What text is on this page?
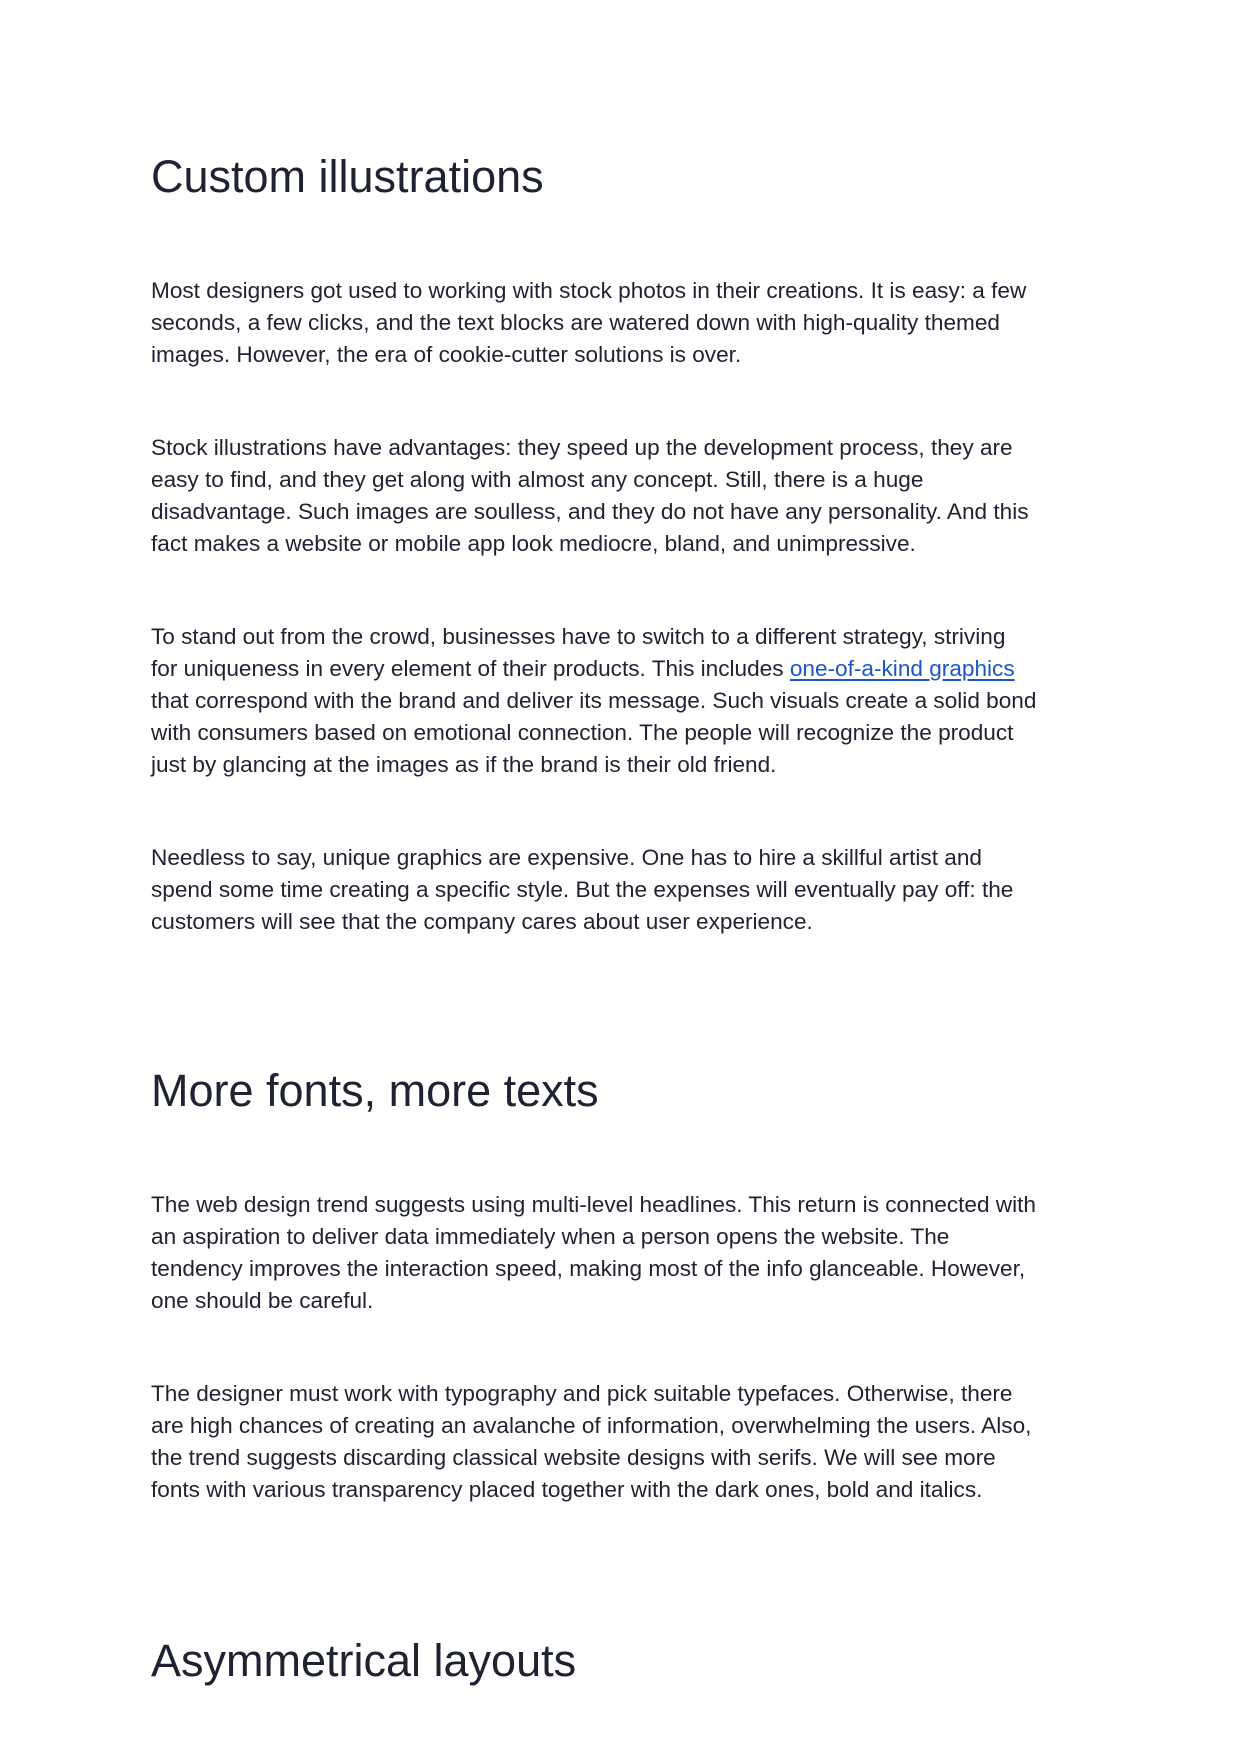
Custom illustrations

Most designers got used to working with stock photos in their creations. It is easy: a few
seconds, a few clicks, and the text blocks are watered down with high-quality themed
images. However, the era of cookie-cutter solutions is over.

Stock illustrations have advantages: they speed up the development process, they are
easy to find, and they get along with almost any concept. Still, there is a huge
disadvantage. Such images are soulless, and they do not have any personality. And this
fact makes a website or mobile app look mediocre, bland, and unimpressive.

To stand out from the crowd, businesses have to switch to a different strategy, striving
for uniqueness in every element of their products. This includes one-of-a-kind graphics
that correspond with the brand and deliver its message. Such visuals create a solid bond
with consumers based on emotional connection. The people will recognize the product
just by glancing at the images as if the brand is their old friend.

Needless to say, unique graphics are expensive. One has to hire a skillful artist and
spend some time creating a specific style. But the expenses will eventually pay off: the
customers will see that the company cares about user experience.

More fonts, more texts

The web design trend suggests using multi-level headlines. This return is connected with
an aspiration to deliver data immediately when a person opens the website. The
tendency improves the interaction speed, making most of the info glanceable. However,
one should be careful.

The designer must work with typography and pick suitable typefaces. Otherwise, there
are high chances of creating an avalanche of information, overwhelming the users. Also,
the trend suggests discarding classical website designs with serifs. We will see more
fonts with various transparency placed together with the dark ones, bold and italics.

Asymmetrical layouts
